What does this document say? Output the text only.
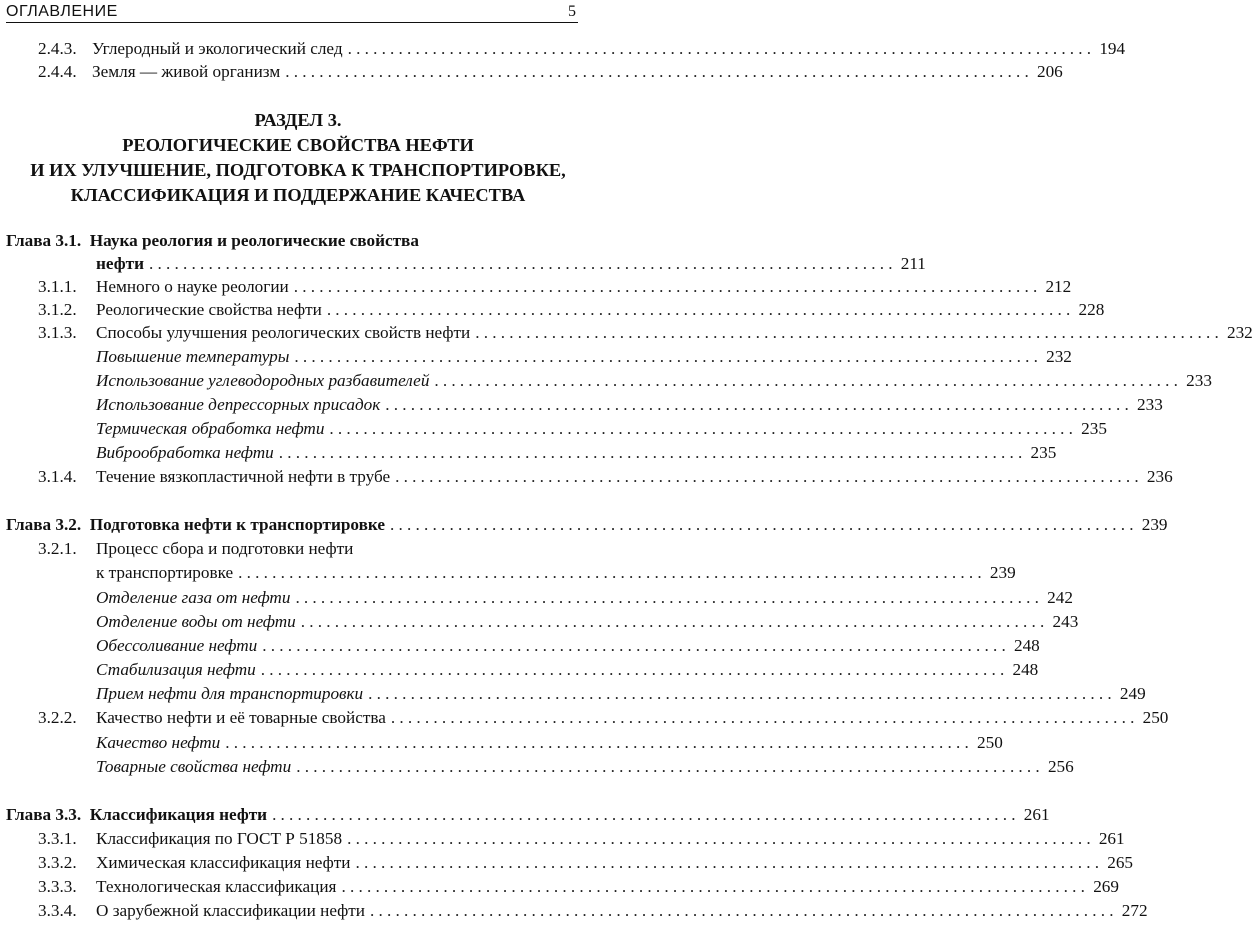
ОГЛАВЛЕНИЕ	5
2.4.3. Углеродный и экологический след ........................................................................................ 194
2.4.4. Земля — живой организм ........................................................................................ 206
РАЗДЕЛ 3.
РЕОЛОГИЧЕСКИЕ СВОЙСТВА НЕФТИ
И ИХ УЛУЧШЕНИЕ, ПОДГОТОВКА К ТРАНСПОРТИРОВКЕ,
КЛАССИФИКАЦИЯ И ПОДДЕРЖАНИЕ КАЧЕСТВА
Глава 3.1. Наука реология и реологические свойства
нефти ........................................................................................ 211
3.1.1. Немного о науке реологии ........................................................................................ 212
3.1.2. Реологические свойства нефти ........................................................................................ 228
3.1.3. Способы улучшения реологических свойств нефти ........................................................................................ 232
Повышение температуры ........................................................................................ 232
Использование углеводородных разбавителей ........................................................................................ 233
Использование депрессорных присадок ........................................................................................ 233
Термическая обработка нефти ........................................................................................ 235
Виброобработка нефти ........................................................................................ 235
3.1.4. Течение вязкопластичной нефти в трубе ........................................................................................ 236
Глава 3.2. Подготовка нефти к транспортировке ........................................................................................ 239
3.2.1. Процесс сбора и подготовки нефти
к транспортировке ........................................................................................ 239
Отделение газа от нефти ........................................................................................ 242
Отделение воды от нефти ........................................................................................ 243
Обессоливание нефти ........................................................................................ 248
Стабилизация нефти ........................................................................................ 248
Прием нефти для транспортировки ........................................................................................ 249
3.2.2. Качество нефти и её товарные свойства ........................................................................................ 250
Качество нефти ........................................................................................ 250
Товарные свойства нефти ........................................................................................ 256
Глава 3.3. Классификация нефти ........................................................................................ 261
3.3.1. Классификация по ГОСТ Р 51858 ........................................................................................ 261
3.3.2. Химическая классификация нефти ........................................................................................ 265
3.3.3. Технологическая классификация ........................................................................................ 269
3.3.4. О зарубежной классификации нефти ........................................................................................ 272
